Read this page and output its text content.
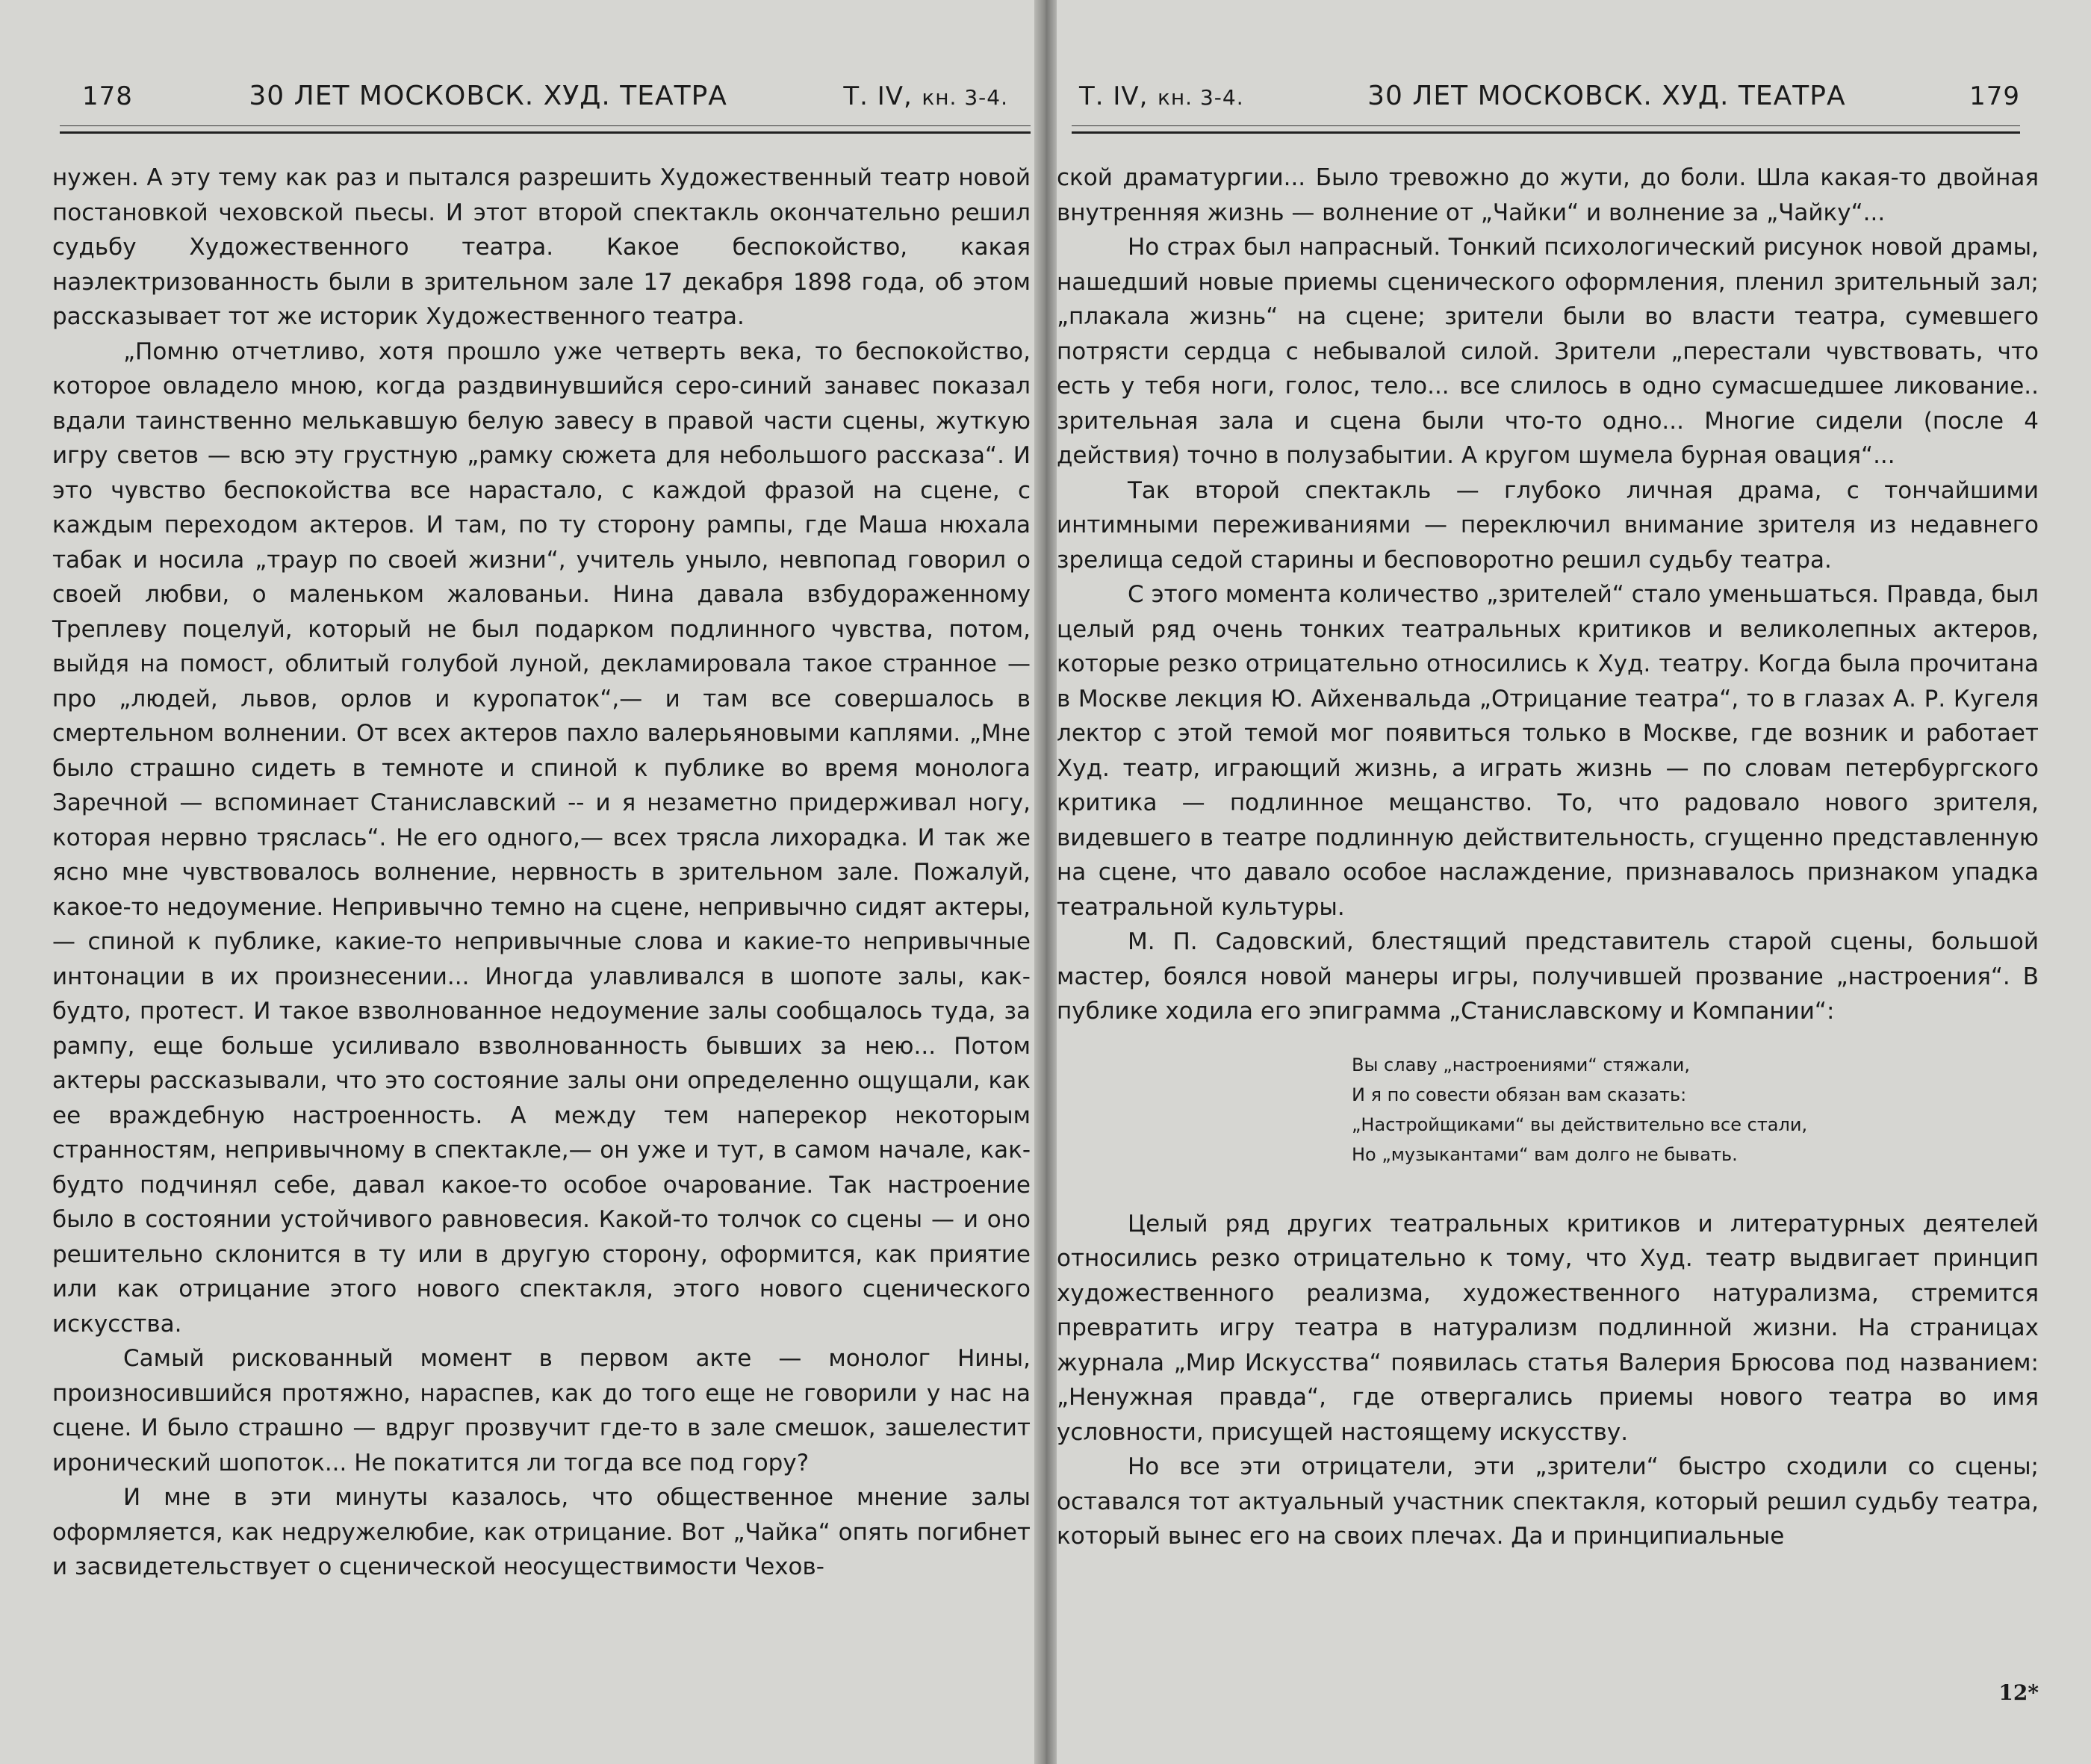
178	30 ЛЕТ МОСКОВСК. ХУД. ТЕАТРА	Т. IV, кн. 3-4.

нужен. А эту тему как раз и пытался разрешить Художественный театр новой постановкой чеховской пьесы. И этот второй спектакль окончательно решил судьбу Художественного театра. Какое беспокойство, какая наэлектризованность были в зрительном зале 17 декабря 1898 года, об этом рассказывает тот же историк Художественного театра.

„Помню отчетливо, хотя прошло уже четверть века, то беспокойство, которое овладело мною, когда раздвинувшийся серо-синий занавес показал вдали таинственно мелькавшую белую завесу в правой части сцены, жуткую игру светов — всю эту грустную „рамку сюжета для небольшого рассказа“. И это чувство беспокойства все нарастало, с каждой фразой на сцене, с каждым переходом актеров. И там, по ту сторону рампы, где Маша нюхала табак и носила „траур по своей жизни“, учитель уныло, невпопад говорил о своей любви, о маленьком жалованьи. Нина давала взбудораженному Треплеву поцелуй, который не был подарком подлинного чувства, потом, выйдя на помост, облитый голубой луной, декламировала такое странное — про „людей, львов, орлов и куропаток“,— и там все совершалось в смертельном волнении. От всех актеров пахло валерьяновыми каплями. „Мне было страшно сидеть в темноте и спиной к публике во время монолога Заречной — вспоминает Станиславский -- и я незаметно придерживал ногу, которая нервно тряслась“. Не его одного,— всех трясла лихорадка. И так же ясно мне чувствовалось волнение, нервность в зрительном зале. Пожалуй, какое-то недоумение. Непривычно темно на сцене, непривычно сидят актеры,— спиной к публике, какие-то непривычные слова и какие-то непривычные интонации в их произнесении... Иногда улавливался в шопоте залы, как-будто, протест. И такое взволнованное недоумение залы сообщалось туда, за рампу, еще больше усиливало взволнованность бывших за нею... Потом актеры рассказывали, что это состояние залы они определенно ощущали, как ее враждебную настроенность. А между тем наперекор некоторым странностям, непривычному в спектакле,— он уже и тут, в самом начале, как-будто подчинял себе, давал какое-то особое очарование. Так настроение было в состоянии устойчивого равновесия. Какой-то толчок со сцены — и оно решительно склонится в ту или в другую сторону, оформится, как приятие или как отрицание этого нового спектакля, этого нового сценического искусства.

Самый рискованный момент в первом акте — монолог Нины, произносившийся протяжно, нараспев, как до того еще не говорили у нас на сцене. И было страшно — вдруг прозвучит где-то в зале смешок, зашелестит иронический шопоток... Не покатится ли тогда все под гору?

И мне в эти минуты казалось, что общественное мнение залы оформляется, как недружелюбие, как отрицание. Вот „Чайка“ опять погибнет и засвидетельствует о сценической неосуществимости Чехов-

Т. IV, кн. 3-4.	30 ЛЕТ МОСКОВСК. ХУД. ТЕАТРА	179

ской драматургии... Было тревожно до жути, до боли. Шла какая-то двойная внутренняя жизнь — волнение от „Чайки“ и волнение за „Чайку“...

Но страх был напрасный. Тонкий психологический рисунок новой драмы, нашедший новые приемы сценического оформления, пленил зрительный зал; „плакала жизнь“ на сцене; зрители были во власти театра, сумевшего потрясти сердца с небывалой силой. Зрители „перестали чувствовать, что есть у тебя ноги, голос, тело... все слилось в одно сумасшедшее ликование.. зрительная зала и сцена были что-то одно... Многие сидели (после 4 действия) точно в полузабытии. А кругом шумела бурная овация“...

Так второй спектакль — глубоко личная драма, с тончайшими интимными переживаниями — переключил внимание зрителя из недавнего зрелища седой старины и бесповоротно решил судьбу театра.

С этого момента количество „зрителей“ стало уменьшаться. Правда, был целый ряд очень тонких театральных критиков и великолепных актеров, которые резко отрицательно относились к Худ. театру. Когда была прочитана в Москве лекция Ю. Айхенвальда „Отрицание театра“, то в глазах А. Р. Кугеля лектор с этой темой мог появиться только в Москве, где возник и работает Худ. театр, играющий жизнь, а играть жизнь — по словам петербургского критика — подлинное мещанство. То, что радовало нового зрителя, видевшего в театре подлинную действительность, сгущенно представленную на сцене, что давало особое наслаждение, признавалось признаком упадка театральной культуры.

М. П. Садовский, блестящий представитель старой сцены, большой мастер, боялся новой манеры игры, получившей прозвание „настроения“. В публике ходила его эпиграмма „Станиславскому и Компании“:

Вы славу „настроениями“ стяжали,
И я по совести обязан вам сказать:
„Настройщиками“ вы действительно все стали,
Но „музыкантами“ вам долго не бывать.

Целый ряд других театральных критиков и литературных деятелей относились резко отрицательно к тому, что Худ. театр выдвигает принцип художественного реализма, художественного натурализма, стремится превратить игру театра в натурализм подлинной жизни. На страницах журнала „Мир Искусства“ появилась статья Валерия Брюсова под названием: „Ненужная правда“, где отвергались приемы нового театра во имя условности, присущей настоящему искусству.

Но все эти отрицатели, эти „зрители“ быстро сходили со сцены; оставался тот актуальный участник спектакля, который решил судьбу театра, который вынес его на своих плечах. Да и принципиальные

12*
